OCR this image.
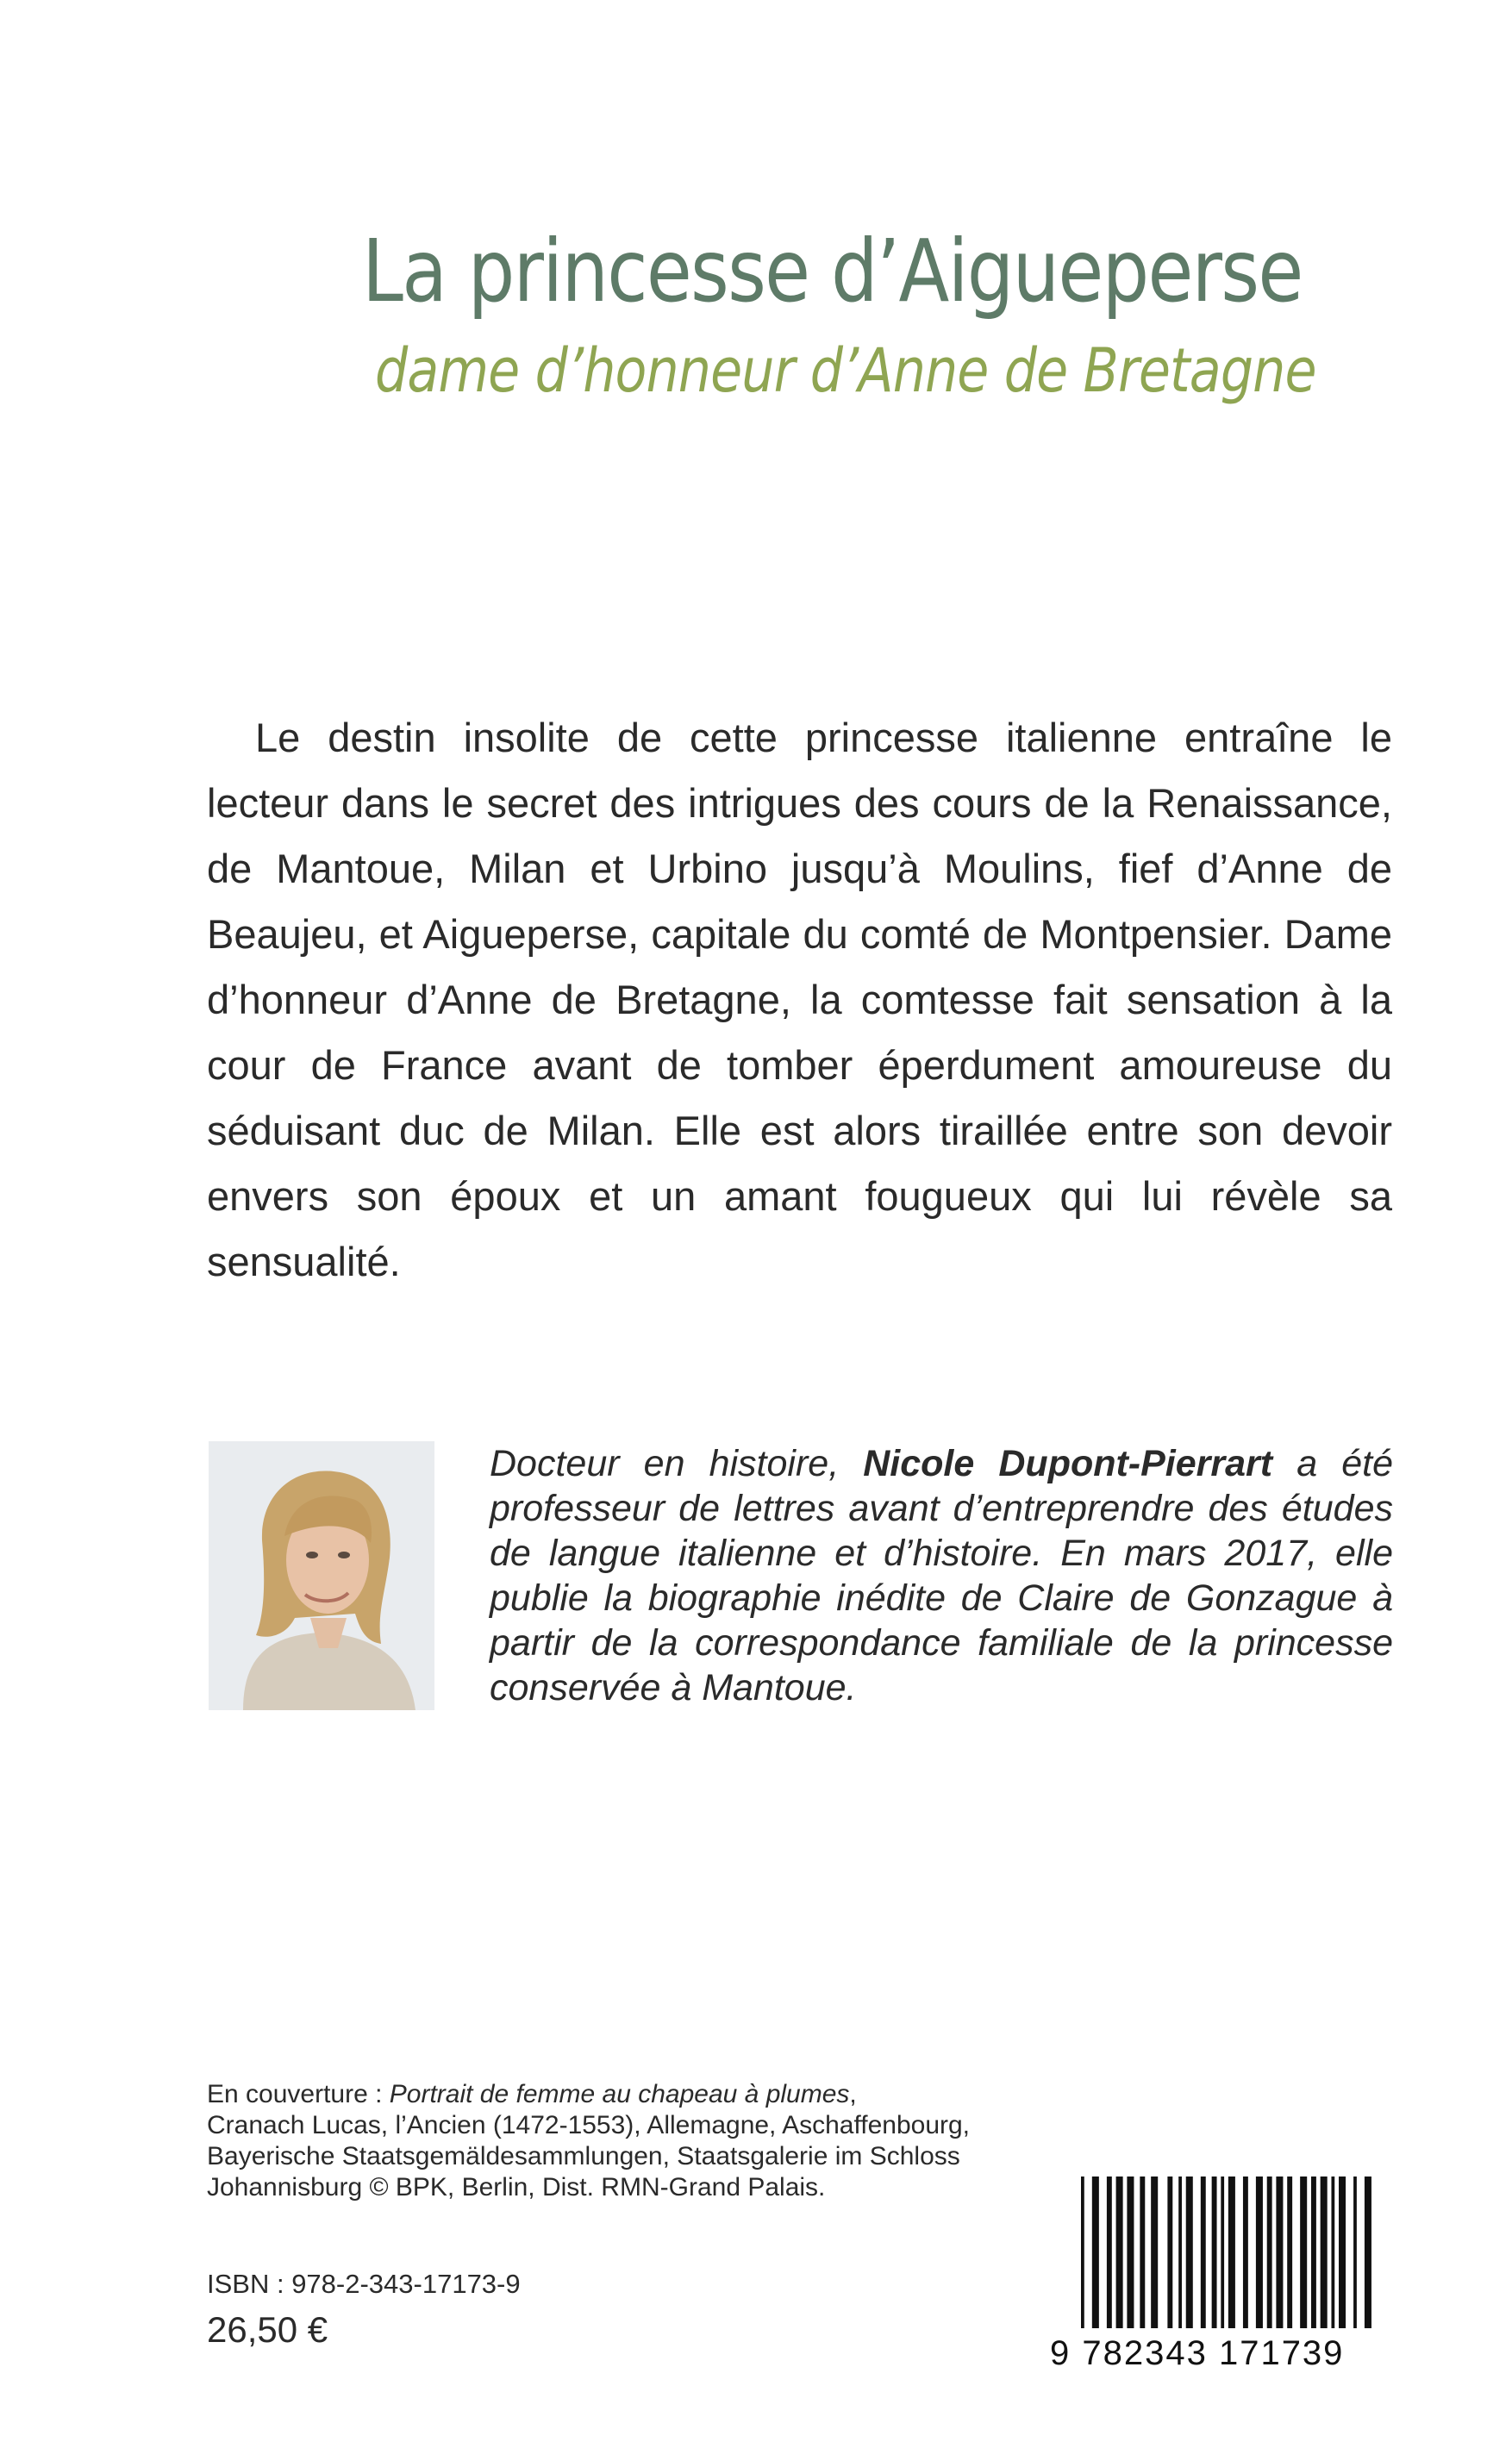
La princesse d’Aigueperse
dame d’honneur d’Anne de Bretagne

Le destin insolite de cette princesse italienne entraîne le lecteur dans le secret des intrigues des cours de la Renaissance, de Mantoue, Milan et Urbino jusqu’à Moulins, fief d’Anne de Beaujeu, et Aigueperse, capitale du comté de Montpensier. Dame d’honneur d’Anne de Bretagne, la comtesse fait sensation à la cour de France avant de tomber éperdument amoureuse du séduisant duc de Milan. Elle est alors tiraillée entre son devoir envers son époux et un amant fougueux qui lui révèle sa sensualité.

Docteur en histoire, Nicole Dupont-Pierrart a été professeur de lettres avant d’entreprendre des études de langue italienne et d’histoire. En mars 2017, elle publie la biographie inédite de Claire de Gonzague à partir de la correspondance familiale de la princesse conservée à Mantoue.

En couverture : Portrait de femme au chapeau à plumes,
Cranach Lucas, l’Ancien (1472-1553), Allemagne, Aschaffenbourg, Bayerische Staatsgemäldesammlungen, Staatsgalerie im Schloss Johannisburg © BPK, Berlin, Dist. RMN-Grand Palais.

ISBN : 978-2-343-17173-9
26,50 €
9 782343 171739
